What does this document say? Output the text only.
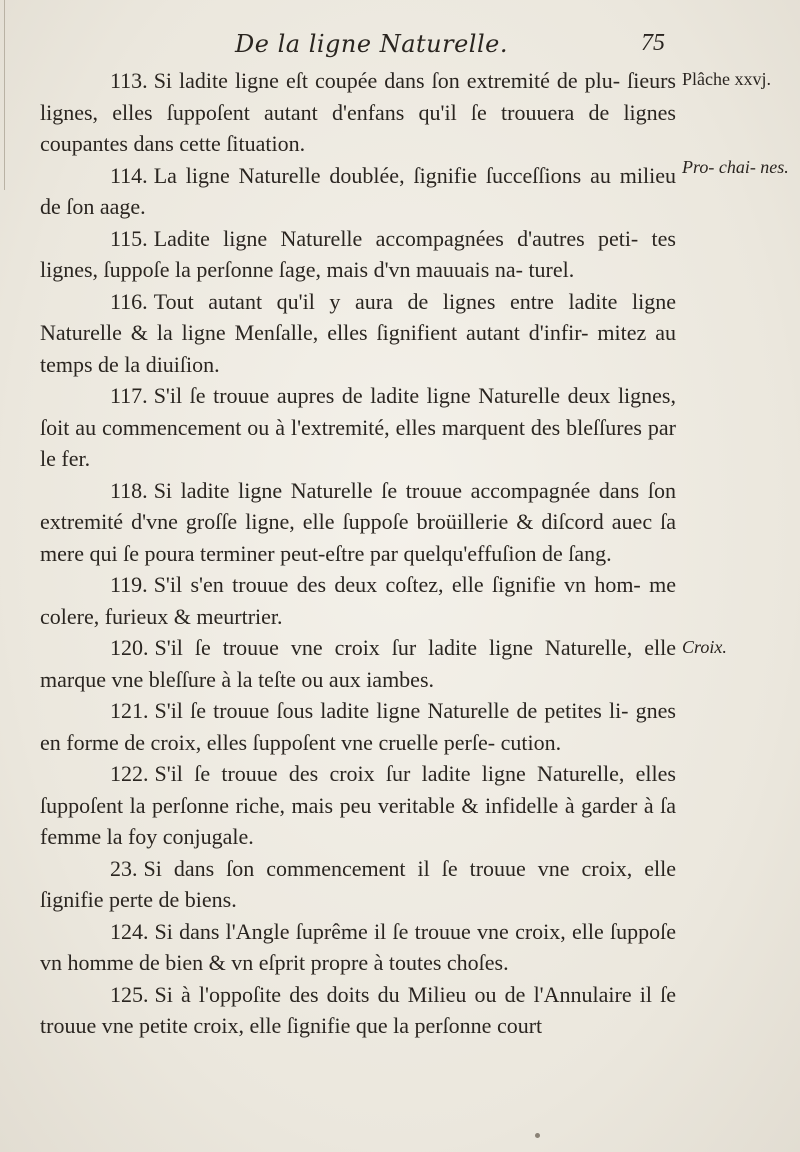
De la ligne Naturelle.	75
Plâche xxvj.
Pro- chai- nes.
Croix.

113. Si ladite ligne eſt coupée dans ſon extremité de plu- ſieurs lignes, elles ſuppoſent autant d'enfans qu'il ſe trouuera de lignes coupantes dans cette ſituation.

114. La ligne Naturelle doublée, ſignifie ſucceſſions au milieu de ſon aage.

115. Ladite ligne Naturelle accompagnées d'autres peti- tes lignes, ſuppoſe la perſonne ſage, mais d'vn mauuais na- turel.

116. Tout autant qu'il y aura de lignes entre ladite ligne Naturelle & la ligne Menſalle, elles ſignifient autant d'infir- mitez au temps de la diuiſion.

117. S'il ſe trouue aupres de ladite ligne Naturelle deux lignes, ſoit au commencement ou à l'extremité, elles marquent des bleſſures par le fer.

118. Si ladite ligne Naturelle ſe trouue accompagnée dans ſon extremité d'vne groſſe ligne, elle ſuppoſe broüillerie & diſcord auec ſa mere qui ſe poura terminer peut-eſtre par quelqu'effuſion de ſang.

119. S'il s'en trouue des deux coſtez, elle ſignifie vn hom- me colere, furieux & meurtrier.

120. S'il ſe trouue vne croix ſur ladite ligne Naturelle, elle marque vne bleſſure à la teſte ou aux iambes.

121. S'il ſe trouue ſous ladite ligne Naturelle de petites li- gnes en forme de croix, elles ſuppoſent vne cruelle perſe- cution.

122. S'il ſe trouue des croix ſur ladite ligne Naturelle, elles ſuppoſent la perſonne riche, mais peu veritable & infidelle à garder à ſa femme la foy conjugale.

23. Si dans ſon commencement il ſe trouue vne croix, elle ſignifie perte de biens.

124. Si dans l'Angle ſuprême il ſe trouue vne croix, elle ſuppoſe vn homme de bien & vn eſprit propre à toutes choſes.

125. Si à l'oppoſite des doits du Milieu ou de l'Annulaire il ſe trouue vne petite croix, elle ſignifie que la perſonne court
